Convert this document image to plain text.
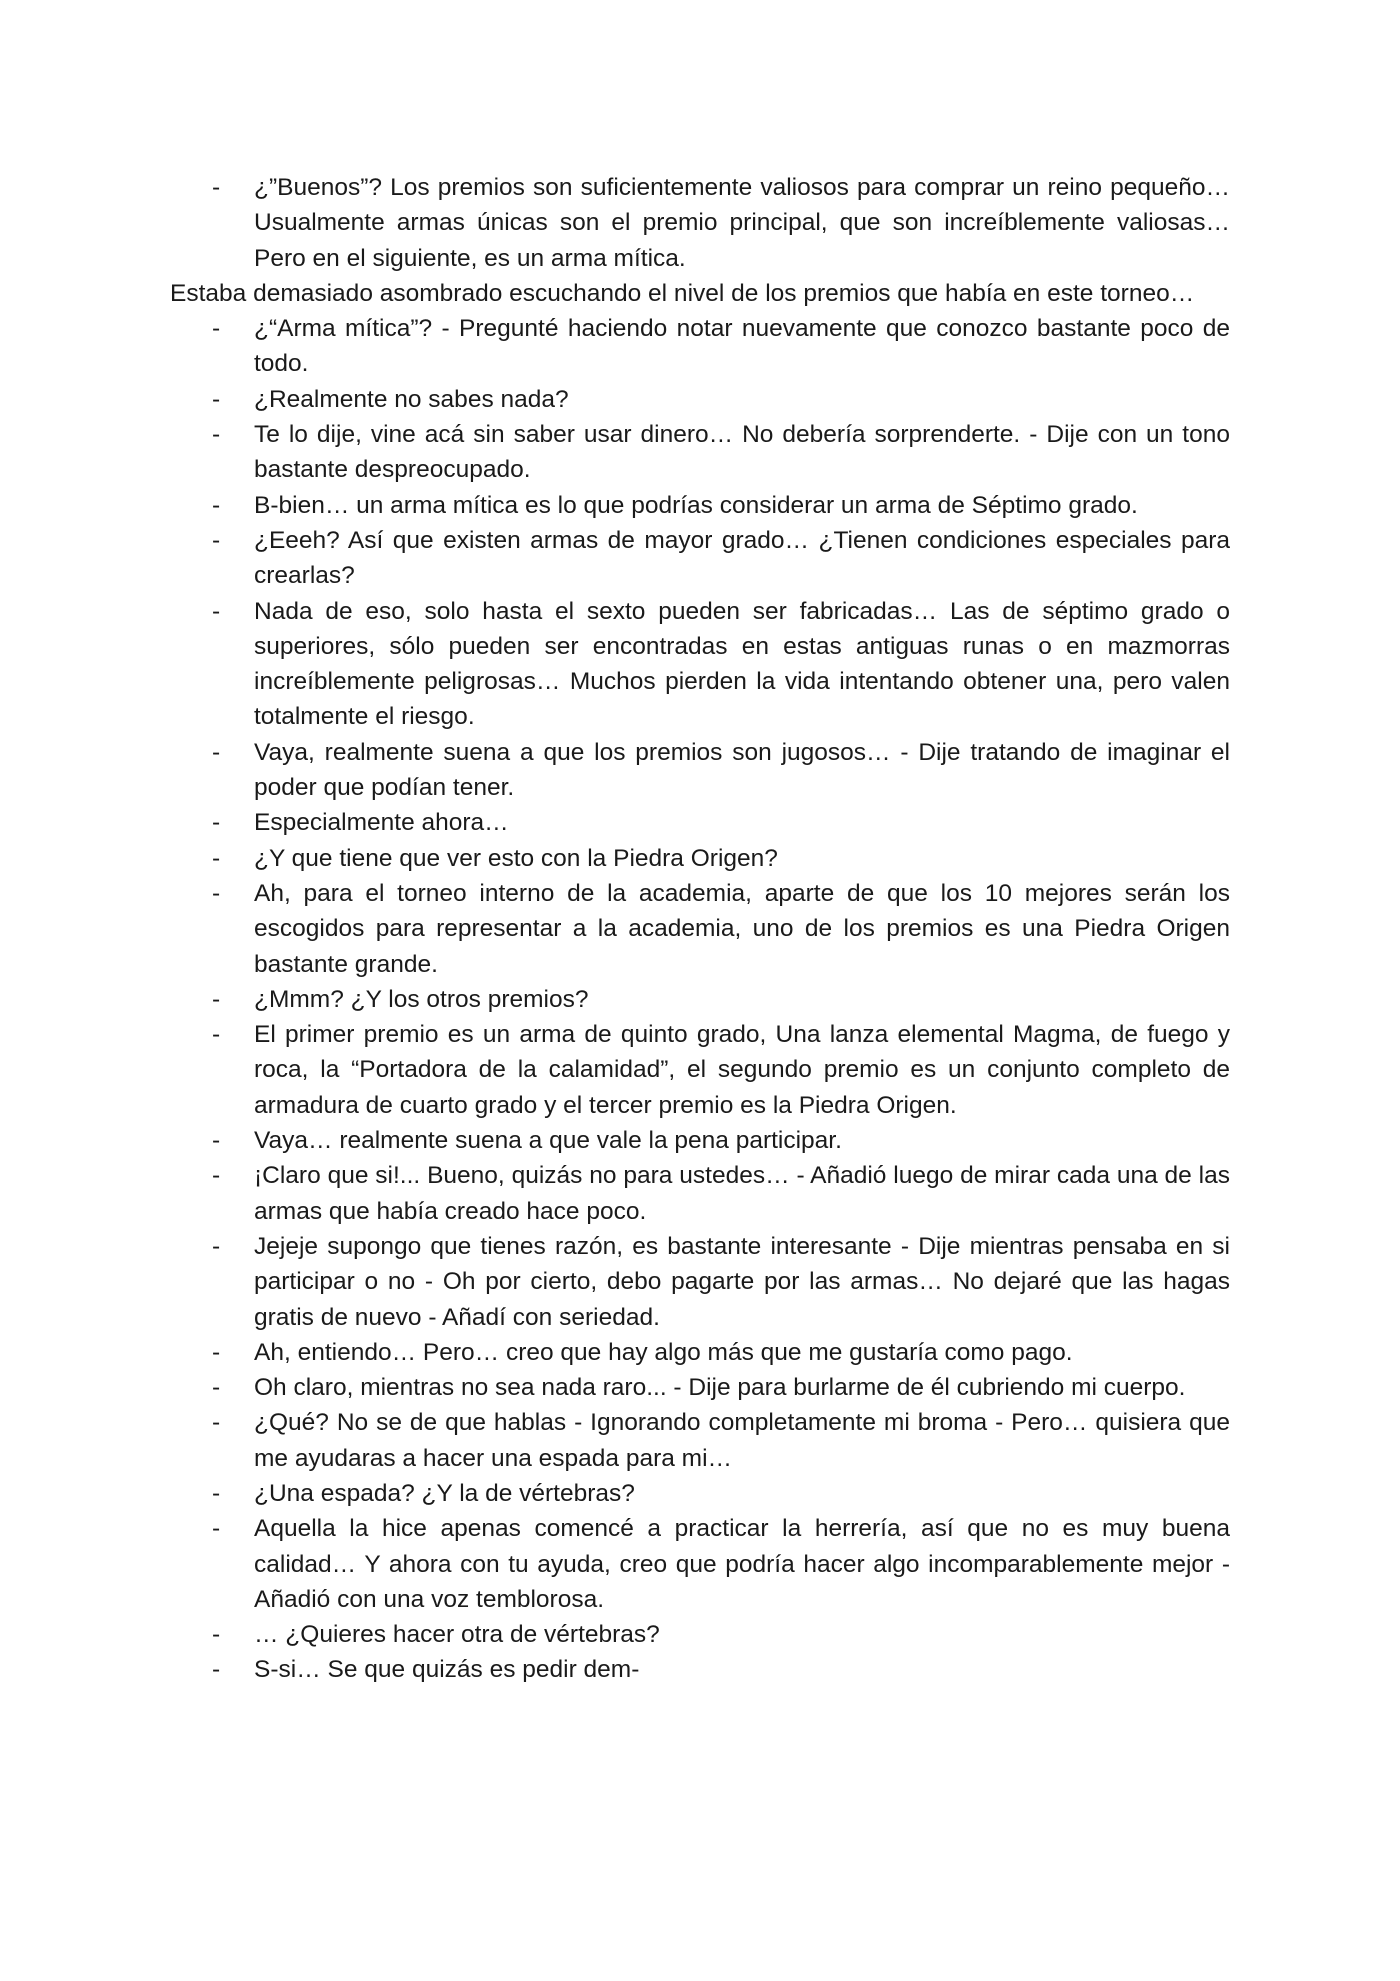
- ¿”Buenos”? Los premios son suficientemente valiosos para comprar un reino pequeño… Usualmente armas únicas son el premio principal, que son increíblemente valiosas… Pero en el siguiente, es un arma mítica.
Estaba demasiado asombrado escuchando el nivel de los premios que había en este torneo…
- ¿“Arma mítica”? - Pregunté haciendo notar nuevamente que conozco bastante poco de todo.
- ¿Realmente no sabes nada?
- Te lo dije, vine acá sin saber usar dinero… No debería sorprenderte. - Dije con un tono bastante despreocupado.
- B-bien… un arma mítica es lo que podrías considerar un arma de Séptimo grado.
- ¿Eeeh? Así que existen armas de mayor grado… ¿Tienen condiciones especiales para crearlas?
- Nada de eso, solo hasta el sexto pueden ser fabricadas… Las de séptimo grado o superiores, sólo pueden ser encontradas en estas antiguas runas o en mazmorras increíblemente peligrosas… Muchos pierden la vida intentando obtener una, pero valen totalmente el riesgo.
- Vaya, realmente suena a que los premios son jugosos… - Dije tratando de imaginar el poder que podían tener.
- Especialmente ahora…
- ¿Y que tiene que ver esto con la Piedra Origen?
- Ah, para el torneo interno de la academia, aparte de que los 10 mejores serán los escogidos para representar a la academia, uno de los premios es una Piedra Origen bastante grande.
- ¿Mmm? ¿Y los otros premios?
- El primer premio es un arma de quinto grado, Una lanza elemental Magma, de fuego y roca, la “Portadora de la calamidad”, el segundo premio es un conjunto completo de armadura de cuarto grado y el tercer premio es la Piedra Origen.
- Vaya… realmente suena a que vale la pena participar.
- ¡Claro que si!... Bueno, quizás no para ustedes… - Añadió luego de mirar cada una de las armas que había creado hace poco.
- Jejeje supongo que tienes razón, es bastante interesante - Dije mientras pensaba en si participar o no - Oh por cierto, debo pagarte por las armas… No dejaré que las hagas gratis de nuevo - Añadí con seriedad.
- Ah, entiendo… Pero… creo que hay algo más que me gustaría como pago.
- Oh claro, mientras no sea nada raro... - Dije para burlarme de él cubriendo mi cuerpo.
- ¿Qué? No se de que hablas - Ignorando completamente mi broma - Pero… quisiera que me ayudaras a hacer una espada para mi…
- ¿Una espada? ¿Y la de vértebras?
- Aquella la hice apenas comencé a practicar la herrería, así que no es muy buena calidad… Y ahora con tu ayuda, creo que podría hacer algo incomparablemente mejor - Añadió con una voz temblorosa.
- … ¿Quieres hacer otra de vértebras?
- S-si… Se que quizás es pedir dem-
